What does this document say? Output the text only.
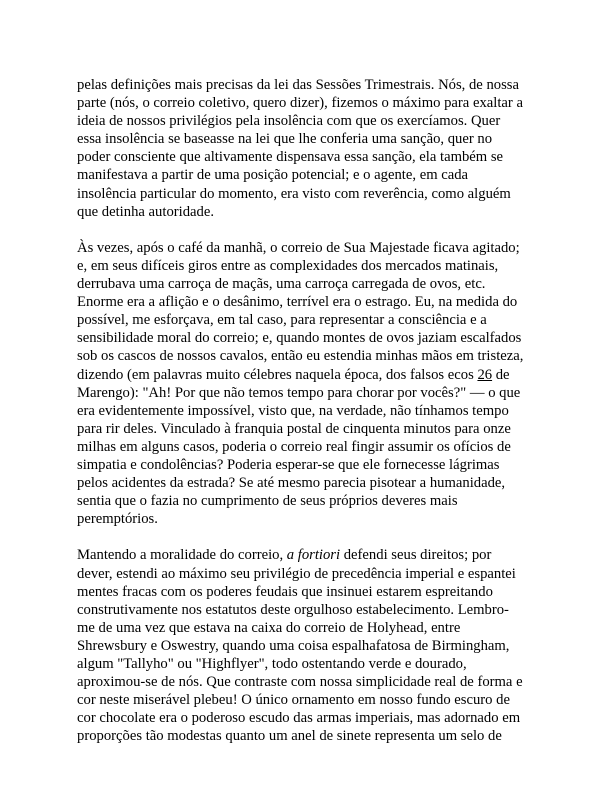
pelas definições mais precisas da lei das Sessões Trimestrais. Nós, de nossa
parte (nós, o correio coletivo, quero dizer), fizemos o máximo para exaltar a
ideia de nossos privilégios pela insolência com que os exercíamos. Quer
essa insolência se baseasse na lei que lhe conferia uma sanção, quer no
poder consciente que altivamente dispensava essa sanção, ela também se
manifestava a partir de uma posição potencial; e o agente, em cada
insolência particular do momento, era visto com reverência, como alguém
que detinha autoridade.

Às vezes, após o café da manhã, o correio de Sua Majestade ficava agitado;
e, em seus difíceis giros entre as complexidades dos mercados matinais,
derrubava uma carroça de maçãs, uma carroça carregada de ovos, etc.
Enorme era a aflição e o desânimo, terrível era o estrago. Eu, na medida do
possível, me esforçava, em tal caso, para representar a consciência e a
sensibilidade moral do correio; e, quando montes de ovos jaziam escalfados
sob os cascos de nossos cavalos, então eu estendia minhas mãos em tristeza,
dizendo (em palavras muito célebres naquela época, dos falsos ecos 26 de
Marengo): "Ah! Por que não temos tempo para chorar por vocês?" — o que
era evidentemente impossível, visto que, na verdade, não tínhamos tempo
para rir deles. Vinculado à franquia postal de cinquenta minutos para onze
milhas em alguns casos, poderia o correio real fingir assumir os ofícios de
simpatia e condolências? Poderia esperar-se que ele fornecesse lágrimas
pelos acidentes da estrada? Se até mesmo parecia pisotear a humanidade,
sentia que o fazia no cumprimento de seus próprios deveres mais
peremptórios.

Mantendo a moralidade do correio, a fortiori defendi seus direitos; por
dever, estendi ao máximo seu privilégio de precedência imperial e espantei
mentes fracas com os poderes feudais que insinuei estarem espreitando
construtivamente nos estatutos deste orgulhoso estabelecimento. Lembro-
me de uma vez que estava na caixa do correio de Holyhead, entre
Shrewsbury e Oswestry, quando uma coisa espalhafatosa de Birmingham,
algum "Tallyho" ou "Highflyer", todo ostentando verde e dourado,
aproximou-se de nós. Que contraste com nossa simplicidade real de forma e
cor neste miserável plebeu! O único ornamento em nosso fundo escuro de
cor chocolate era o poderoso escudo das armas imperiais, mas adornado em
proporções tão modestas quanto um anel de sinete representa um selo de
